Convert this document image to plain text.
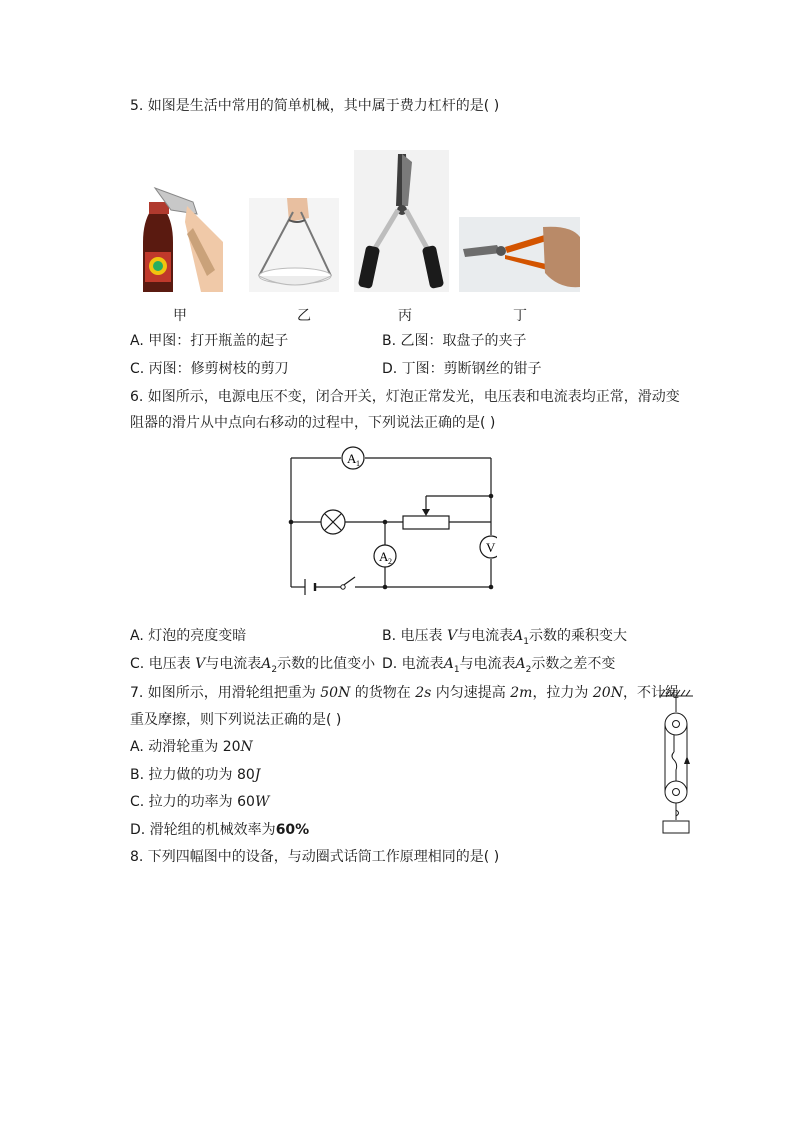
5. 如图是生活中常用的简单机械，其中属于费力杠杆的是( )
甲	乙	丙	丁
A. 甲图：打开瓶盖的起子	B. 乙图：取盘子的夹子
C. 丙图：修剪树枝的剪刀	D. 丁图：剪断钢丝的钳子
6. 如图所示，电源电压不变，闭合开关，灯泡正常发光，电压表和电流表均正常，滑动变
阻器的滑片从中点向右移动的过程中，下列说法正确的是( )
A 1
A 2
V
A. 灯泡的亮度变暗	B. 电压表 V与电流表$A_1$示数的乘积变大
C. 电压表 V与电流表$A_2$示数的比值变小 D. 电流表$A_1$与电流表$A_2$示数之差不变
7. 如图所示，用滑轮组把重为 50N 的货物在 2s 内匀速提高 2m，拉力为 20N，不计绳
重及摩擦，则下列说法正确的是( )
A. 动滑轮重为 20N
B. 拉力做的功为 80J
C. 拉力的功率为 60W
D. 滑轮组的机械效率为60%
8. 下列四幅图中的设备，与动圈式话筒工作原理相同的是( )
